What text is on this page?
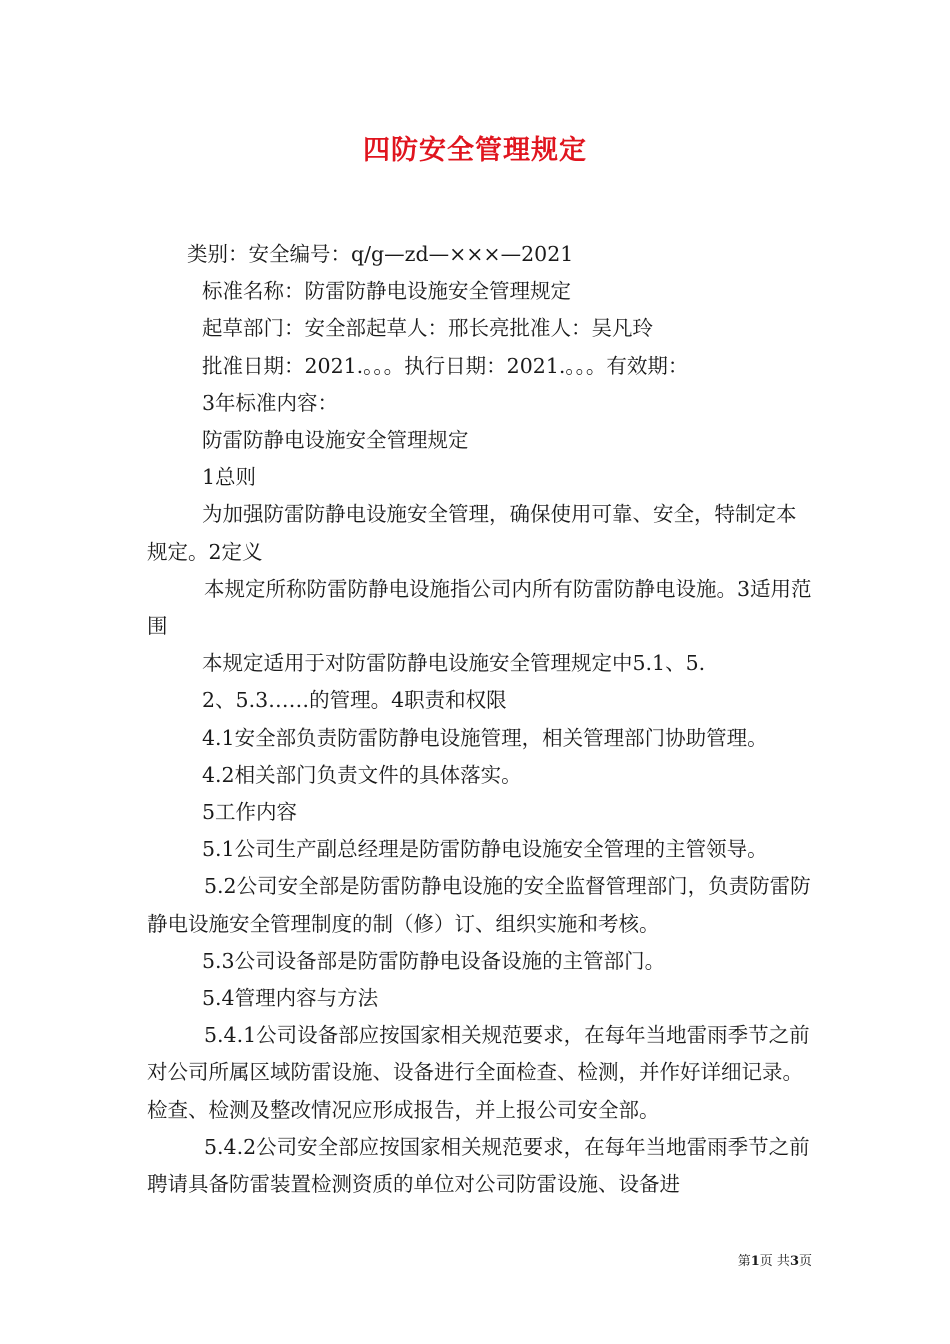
四防安全管理规定

类别：安全编号：q/g—zd—×××—2021

标准名称：防雷防静电设施安全管理规定

起草部门：安全部起草人：邢长亮批准人：吴凡玲

批准日期：2021.。。。执行日期：2021.。。。有效期：

3年标准内容：

防雷防静电设施安全管理规定

1总则

为加强防雷防静电设施安全管理，确保使用可靠、安全，特制定本规定。2定义

本规定所称防雷防静电设施指公司内所有防雷防静电设施。3适用范围

本规定适用于对防雷防静电设施安全管理规定中5.1、5.

2、5.3……的管理。4职责和权限

4.1安全部负责防雷防静电设施管理，相关管理部门协助管理。

4.2相关部门负责文件的具体落实。

5工作内容

5.1公司生产副总经理是防雷防静电设施安全管理的主管领导。

5.2公司安全部是防雷防静电设施的安全监督管理部门，负责防雷防静电设施安全管理制度的制（修）订、组织实施和考核。

5.3公司设备部是防雷防静电设备设施的主管部门。

5.4管理内容与方法

5.4.1公司设备部应按国家相关规范要求，在每年当地雷雨季节之前对公司所属区域防雷设施、设备进行全面检查、检测，并作好详细记录。检查、检测及整改情况应形成报告，并上报公司安全部。

5.4.2公司安全部应按国家相关规范要求，在每年当地雷雨季节之前聘请具备防雷装置检测资质的单位对公司防雷设施、设备进

第1页 共3页
